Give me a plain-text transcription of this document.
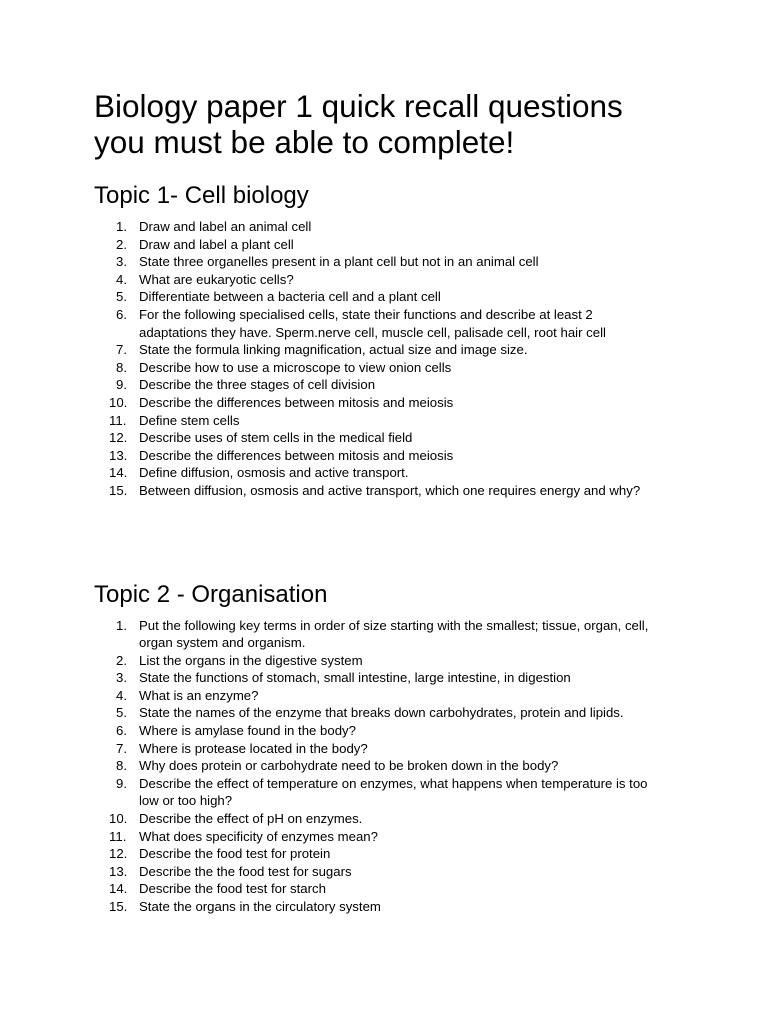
Biology paper 1 quick recall questions
you must be able to complete!
Topic 1- Cell biology
1. Draw and label an animal cell
2. Draw and label a plant cell
3. State three organelles present in a plant cell but not in an animal cell
4. What are eukaryotic cells?
5. Differentiate between a bacteria cell and a plant cell
6. For the following specialised cells, state their functions and describe at least 2 adaptations they have. Sperm.nerve cell, muscle cell, palisade cell, root hair cell
7. State the formula linking magnification, actual size and image size.
8. Describe how to use a microscope to view onion cells
9. Describe the three stages of cell division
10. Describe the differences between mitosis and meiosis
11. Define stem cells
12. Describe uses of stem cells in the medical field
13. Describe the differences between mitosis and meiosis
14. Define diffusion, osmosis and active transport.
15. Between diffusion, osmosis and active transport, which one requires energy and why?
Topic 2 - Organisation
1. Put the following key terms in order of size starting with the smallest; tissue, organ, cell, organ system and organism.
2. List the organs in the digestive system
3. State the functions of stomach, small intestine, large intestine, in digestion
4. What is an enzyme?
5. State the names of the enzyme that breaks down carbohydrates, protein and lipids.
6. Where is amylase found in the body?
7. Where is protease located in the body?
8. Why does protein or carbohydrate need to be broken down in the body?
9. Describe the effect of temperature on enzymes, what happens when temperature is too low or too high?
10. Describe the effect of pH on enzymes.
11. What does specificity of enzymes mean?
12. Describe the food test for protein
13. Describe the the food test for sugars
14. Describe the food test for starch
15. State the organs in the circulatory system
